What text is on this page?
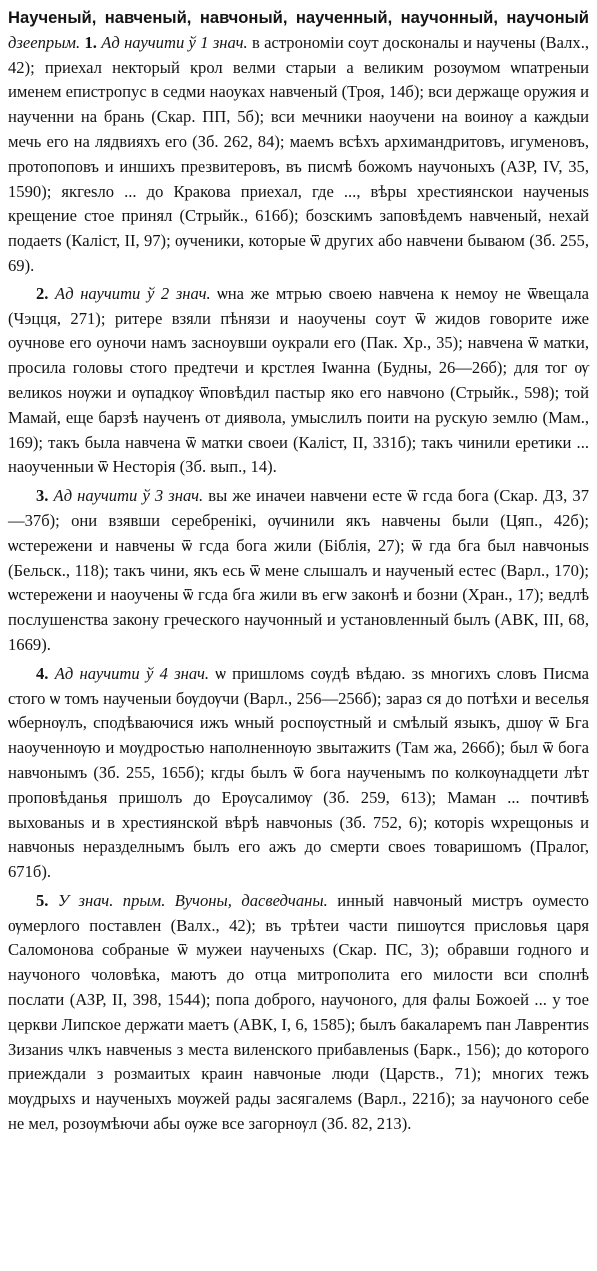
Наученый, навченый, навчоный, наученный, научонный, научоный дзеепрым. 1. Ад научити ў 1 знач. в астрономіи соут досконалы и научены (Валх., 42); приехал некторый крол велми старыи а великим розѹмом ѡпатреныи именем епистропус в седми наоуках навченый (Троя, 14б); вси держаще оружия и наученни на брань (Скар. ПП, 5б); вси мечники наоучени на воинѹ а каждыи мечь его на лядвияхъ его (Зб. 262, 84); маемъ всѣхъ архимандритовъ, игуменовъ, протопоповъ и иншихъ презвитеровъ, въ писмѣ божомъ научоныхъ (АЗР, IV, 35, 1590); якгеѕло ... до Кракова приехал, где ..., вѣры хрестиянскои наученыѕ крещение стое принял (Стрыйк., 616б); бозскимъ заповѣдемъ навченый, нехай подаетѕ (Калiст, II, 97); ѹченики, которые ѿ других або навчени бываюм (Зб. 255, 69).

2. Ад научити ў 2 знач. ѡна же мтрью своею навчена к немоу не ѿвещала (Чэцця, 271); ритере взяли пѣнязи и наоучены соут ѿ жидов говорите иже оучнове его оуночи намъ засноувши оукрали его (Пак. Хр., 35); навчена ѿ матки, просила головы стого предтечи и крстлея Iѡанна (Будны, 26—26б); для тог ѹ великоѕ нѹжи и ѹпадкѹ ѿповѣдил пастыр яко его навчоно (Стрыйк., 598); той Мамай, еще барзѣ наученъ от диявола, умыслилъ поити на рускую землю (Мам., 169); такъ была навчена ѿ матки своеи (Калiст, II, 331б); такъ чинили еретики ... наоученныи ѿ Несторiя (Зб. вып., 14).

3. Ад научити ў 3 знач. вы же иначеи навчени есте ѿ гсда бога (Скар. ДЗ, 37—37б); они взявши серебренiкi, ѹчинили якъ навчены были (Цяп., 42б); ѡстережени и навчены ѿ гсда бога жили (Бiблiя, 27); ѿ гда бга был навчоныѕ (Бельск., 118); такъ чини, якъ есь ѿ мене слышалъ и наученый естес (Варл., 170); ѡстережени и наоучены ѿ гсда бга жили въ егѡ законѣ и бозни (Хран., 17); ведлѣ послушенства закону греческого научонный и установленный былъ (АВК, III, 68, 1669).

4. Ад научити ў 4 знач. ѡ пришломѕ сѹдѣ вѣдаю. зѕ многихъ словъ Писма стого ѡ томъ наученыи бѹдѹчи (Варл., 256—256б); зараз ся до потѣхи и веселья ѡбернѹлъ, сподѣваючися ижъ ѡный роспѹстный и смѣлый языкъ, дшѹ ѿ Бга наоученнѹю и мѹдростью наполненнѹю звытажитѕ (Там жа, 266б); был ѿ бога навчонымъ (Зб. 255, 165б); кгды былъ ѿ бога наученымъ по колкѹнадцети лѣт проповѣданья пришолъ до Ерѹсалимѹ (Зб. 259, 613); Маман ... почтивѣ выхованыѕ и в хрестиянской вѣрѣ навчоныѕ (Зб. 752, 6); которіѕ ѡхрещоныѕ и навчоныѕ неразделнымъ былъ его ажъ до смерти своеѕ товаришомъ (Пралог, 671б).

5. У знач. прым. Вучоны, дасведчаны. инный навчоный мистръ оуместо ѹмерлого поставлен (Валх., 42); въ трѣтеи части пишѹтся присловья царя Саломонова собраные ѿ мужеи наученыхѕ (Скар. ПС, 3); обравши годного и научоного чоловѣка, маютъ до отца митрополита его милости вси сполнѣ послати (АЗР, II, 398, 1544); попа доброго, научоного, для фалы Божоей ... у тое церкви Липское держати маетъ (АВК, I, 6, 1585); былъ бакаларемъ пан Лаврентиѕ Зизаниѕ члкъ навченыѕ з места виленского прибавленыѕ (Барк., 156); до которого приеждали з розмаитых краин навчоные люди (Царств., 71); многих тежъ мѹдрыхѕ и наученыхъ мѹжей рады засягалемѕ (Варл., 221б); за научоного себе не мел, розѹмѣючи абы ѹже все загорнѹл (Зб. 82, 213).
